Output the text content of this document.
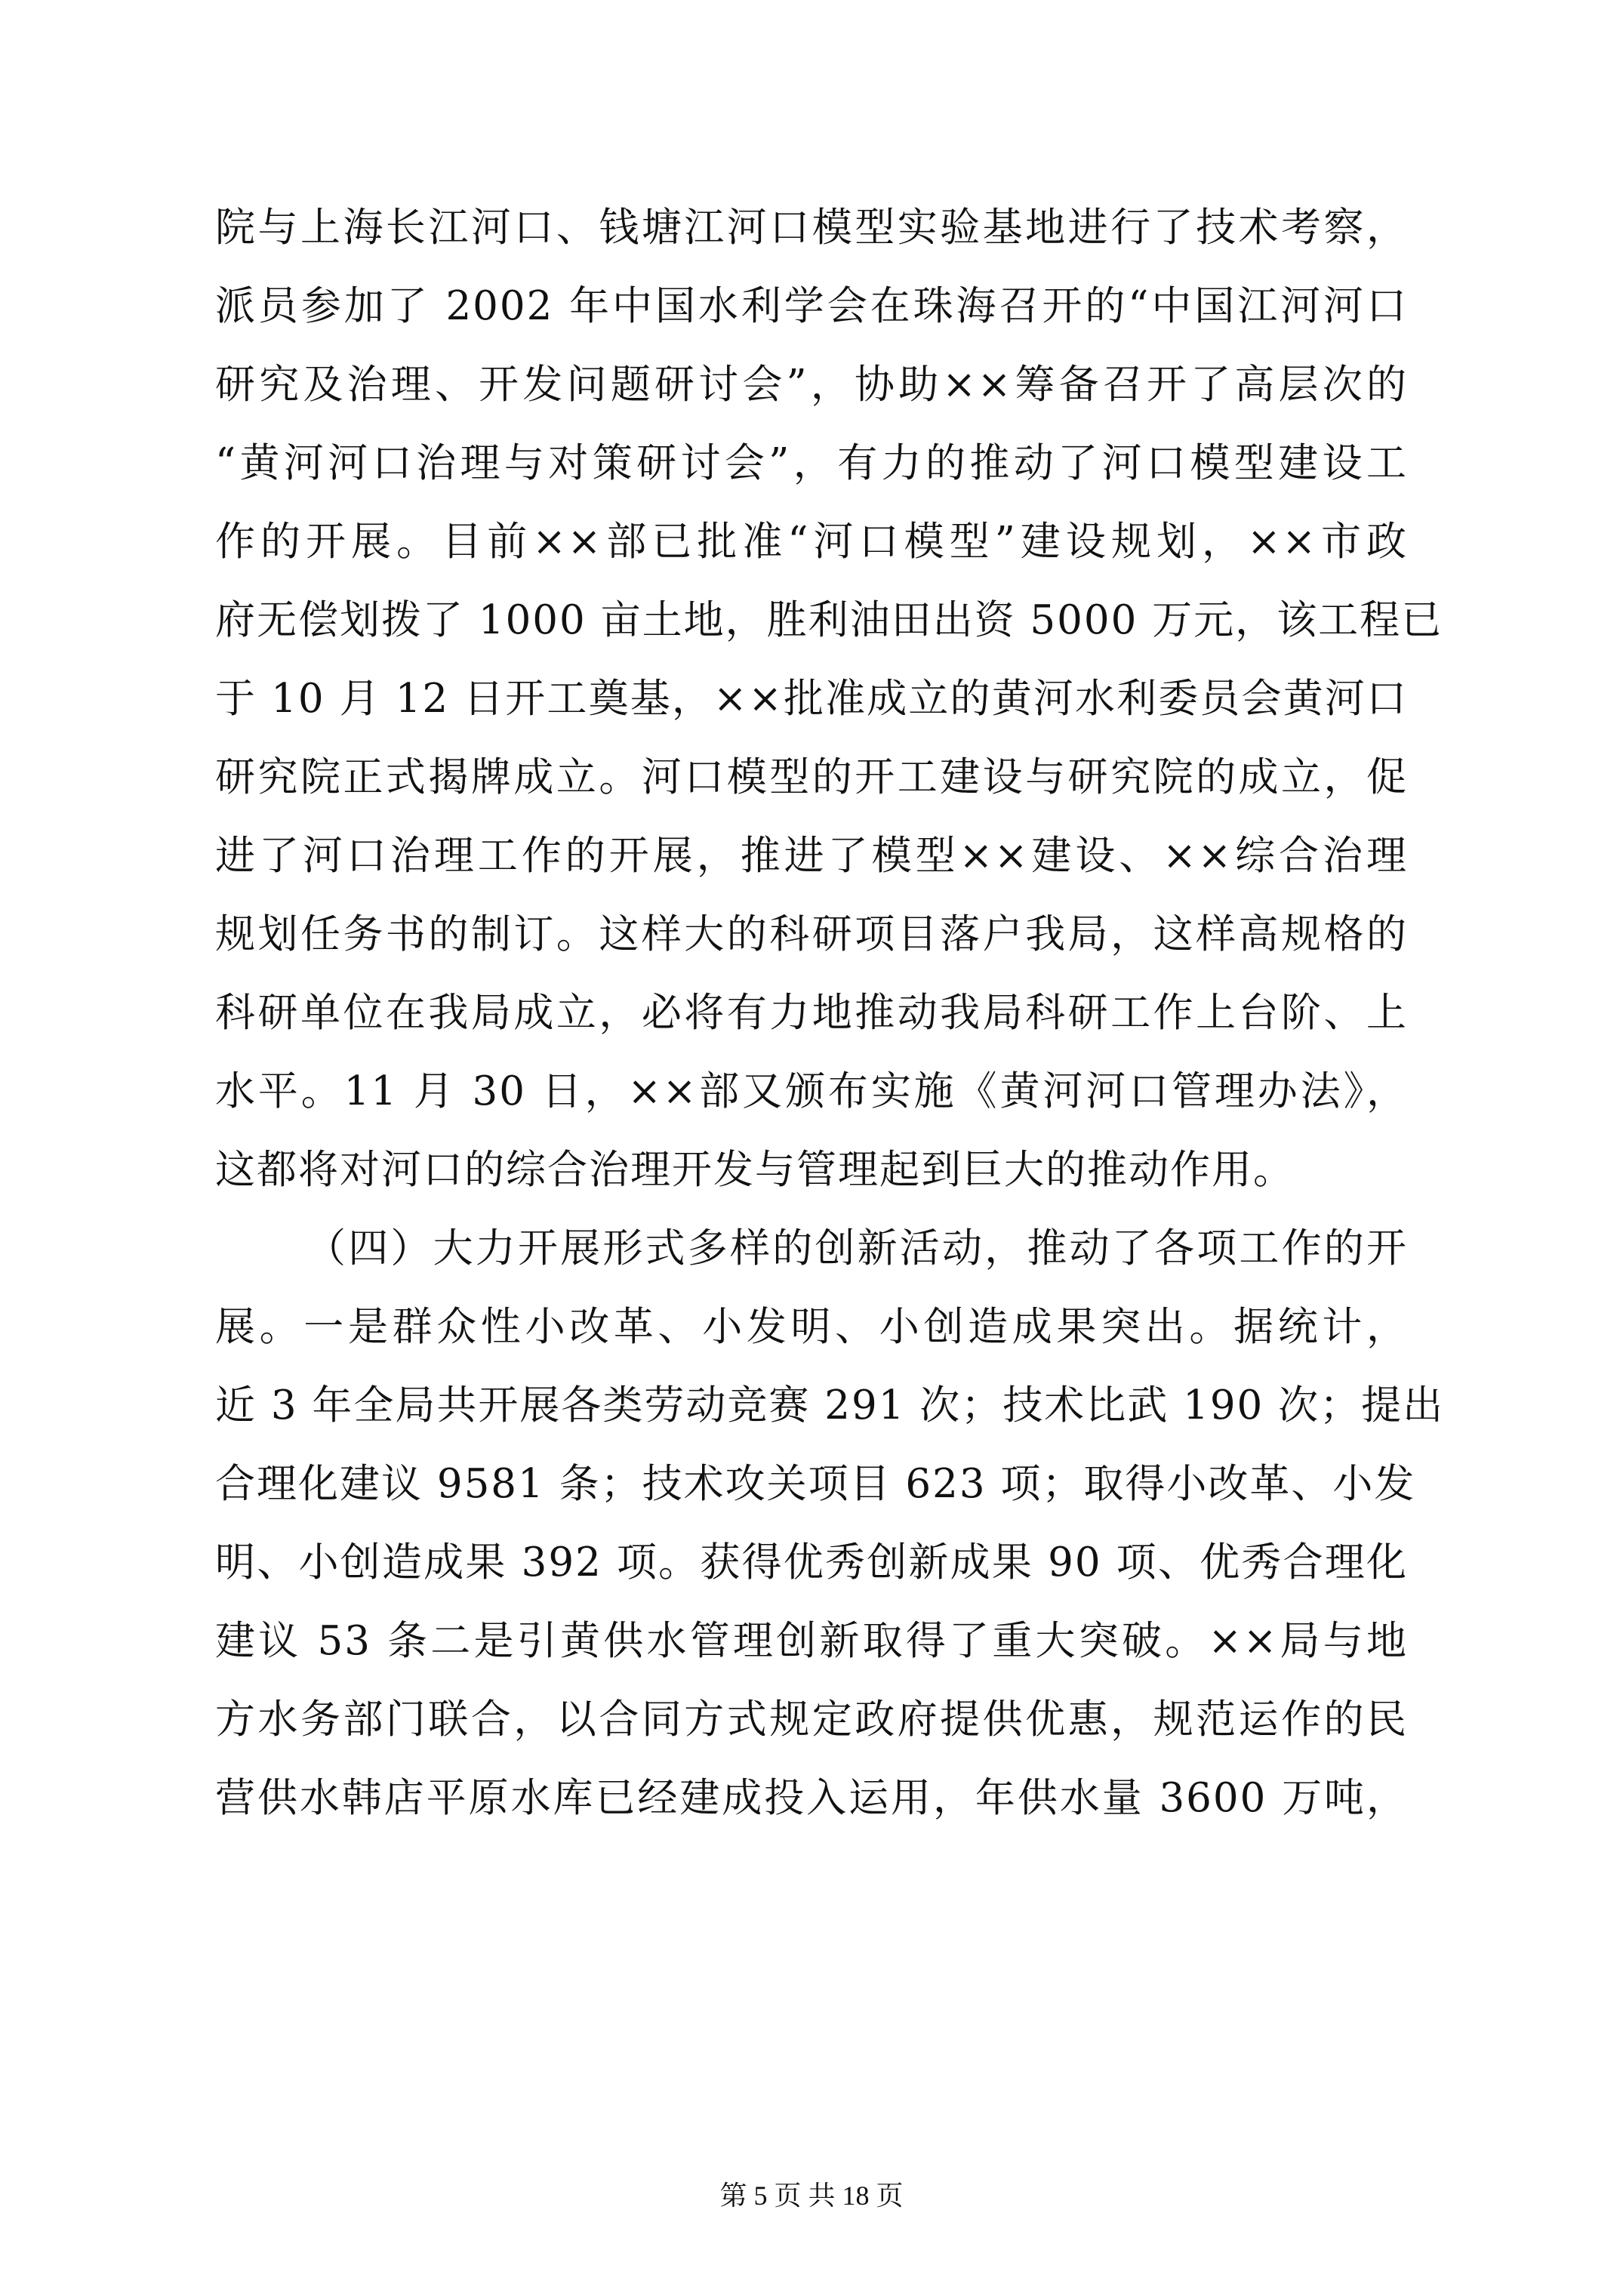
院与上海长江河口、钱塘江河口模型实验基地进行了技术考察，
派员参加了 2002 年中国水利学会在珠海召开的“中国江河河口
研究及治理、开发问题研讨会”，协助××筹备召开了高层次的
“黄河河口治理与对策研讨会”，有力的推动了河口模型建设工
作的开展。目前××部已批准“河口模型”建设规划，××市政
府无偿划拨了 1000 亩土地，胜利油田出资 5000 万元，该工程已
于 10 月 12 日开工奠基，××批准成立的黄河水利委员会黄河口
研究院正式揭牌成立。河口模型的开工建设与研究院的成立，促
进了河口治理工作的开展，推进了模型××建设、××综合治理
规划任务书的制订。这样大的科研项目落户我局，这样高规格的
科研单位在我局成立，必将有力地推动我局科研工作上台阶、上
水平。11 月 30 日，××部又颁布实施《黄河河口管理办法》，
这都将对河口的综合治理开发与管理起到巨大的推动作用。
（四）大力开展形式多样的创新活动，推动了各项工作的开
展。一是群众性小改革、小发明、小创造成果突出。据统计，
近 3 年全局共开展各类劳动竞赛 291 次；技术比武 190 次；提出
合理化建议 9581 条；技术攻关项目 623 项；取得小改革、小发
明、小创造成果 392 项。获得优秀创新成果 90 项、优秀合理化
建议 53 条二是引黄供水管理创新取得了重大突破。××局与地
方水务部门联合，以合同方式规定政府提供优惠，规范运作的民
营供水韩店平原水库已经建成投入运用，年供水量 3600 万吨，
第 5 页 共 18 页
